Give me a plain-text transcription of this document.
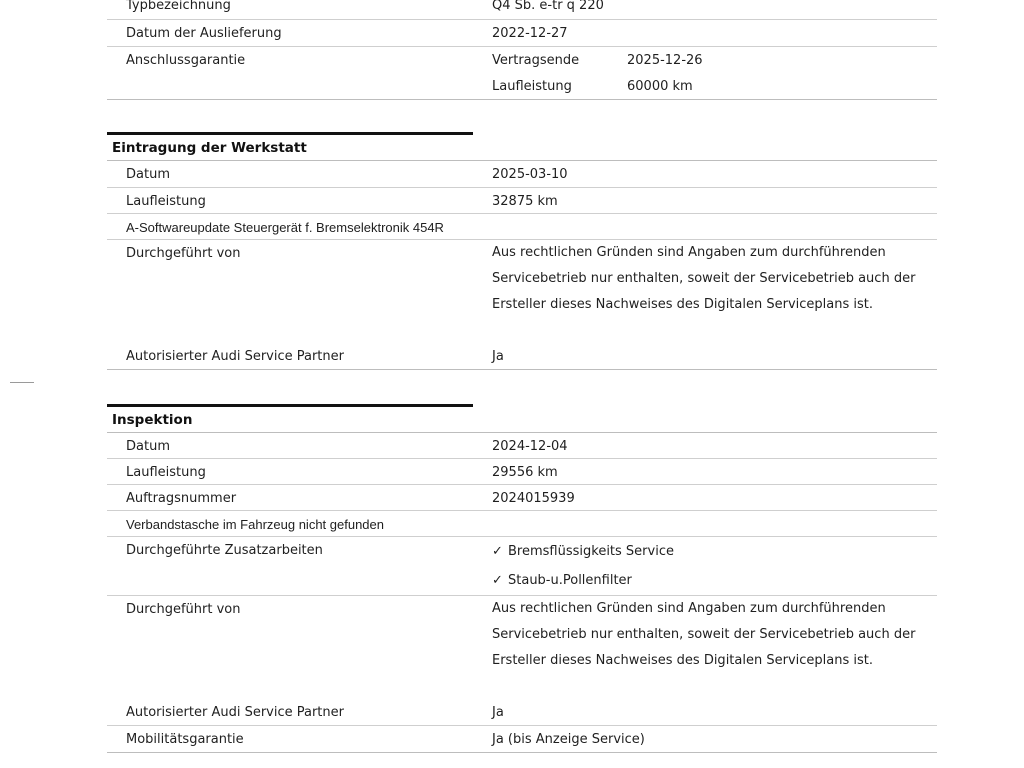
Typbezeichnung	Q4 Sb. e-tr q 220
Datum der Auslieferung	2022-12-27
Anschlussgarantie	Vertragsende	2025-12-26
Laufleistung	60000 km
Eintragung der Werkstatt
Datum	2025-03-10
Laufleistung	32875 km
A-Softwareupdate Steuergerät f. Bremselektronik 454R
Durchgeführt von	Aus rechtlichen Gründen sind Angaben zum durchführenden
Servicebetrieb nur enthalten, soweit der Servicebetrieb auch der
Ersteller dieses Nachweises des Digitalen Serviceplans ist.
Autorisierter Audi Service Partner	Ja
Inspektion
Datum	2024-12-04
Laufleistung	29556 km
Auftragsnummer	2024015939
Verbandstasche im Fahrzeug nicht gefunden
Durchgeführte Zusatzarbeiten	✓ Bremsflüssigkeits Service
✓ Staub-u.Pollenfilter
Durchgeführt von	Aus rechtlichen Gründen sind Angaben zum durchführenden
Servicebetrieb nur enthalten, soweit der Servicebetrieb auch der
Ersteller dieses Nachweises des Digitalen Serviceplans ist.
Autorisierter Audi Service Partner	Ja
Mobilitätsgarantie	Ja (bis Anzeige Service)
